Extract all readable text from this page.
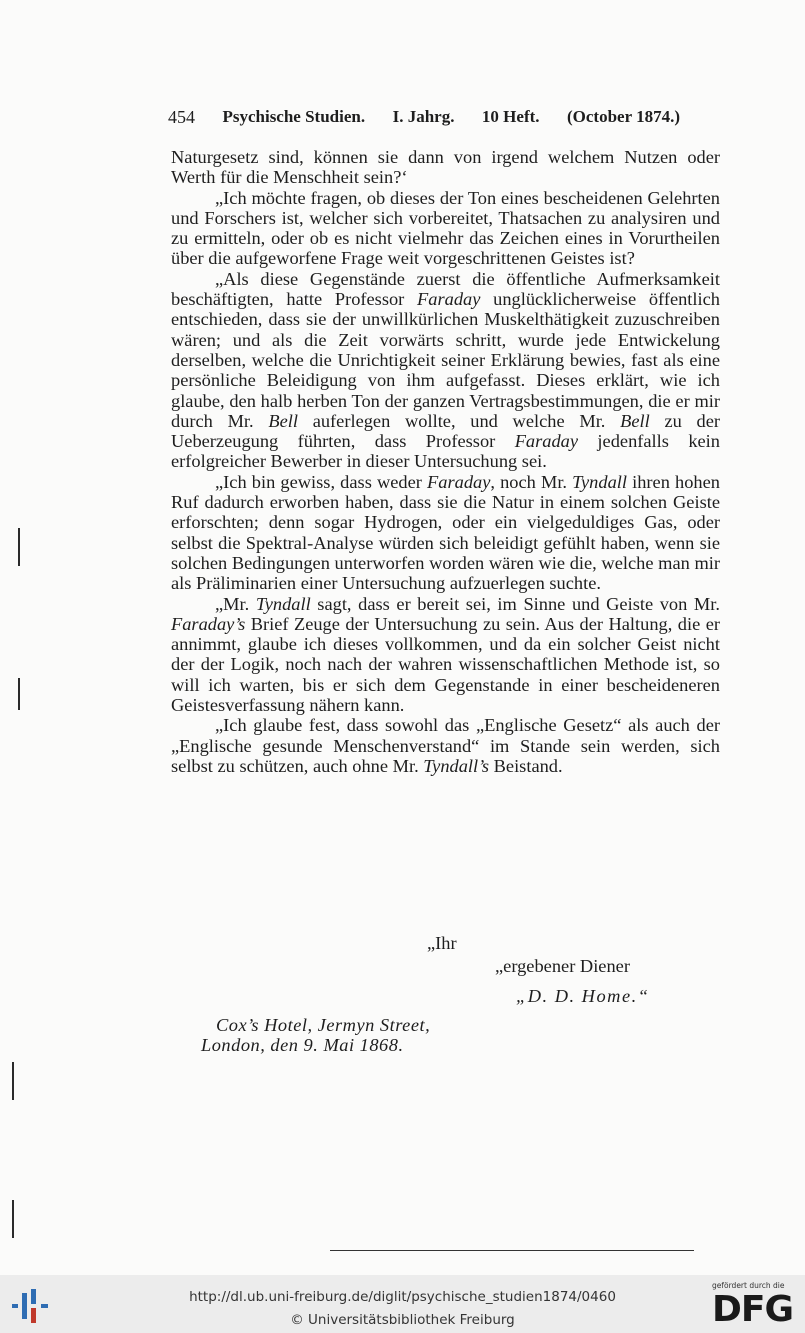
454 Psychische Studien. I. Jahrg. 10 Heft. (October 1874.)

Naturgesetz sind, können sie dann von irgend welchem Nutzen oder Werth für die Menschheit sein?‘

„Ich möchte fragen, ob dieses der Ton eines bescheidenen Gelehrten und Forschers ist, welcher sich vorbereitet, Thatsachen zu analysiren und zu ermitteln, oder ob es nicht vielmehr das Zeichen eines in Vorurtheilen über die aufgeworfene Frage weit vorgeschrittenen Geistes ist?

„Als diese Gegenstände zuerst die öffentliche Aufmerksamkeit beschäftigten, hatte Professor Faraday unglücklicherweise öffentlich entschieden, dass sie der unwillkürlichen Muskelthätigkeit zuzuschreiben wären; und als die Zeit vorwärts schritt, wurde jede Entwickelung derselben, welche die Unrichtigkeit seiner Erklärung bewies, fast als eine persönliche Beleidigung von ihm aufgefasst. Dieses erklärt, wie ich glaube, den halb herben Ton der ganzen Vertragsbestimmungen, die er mir durch Mr. Bell auferlegen wollte, und welche Mr. Bell zu der Ueberzeugung führten, dass Professor Faraday jedenfalls kein erfolgreicher Bewerber in dieser Untersuchung sei.

„Ich bin gewiss, dass weder Faraday, noch Mr. Tyndall ihren hohen Ruf dadurch erworben haben, dass sie die Natur in einem solchen Geiste erforschten; denn sogar Hydrogen, oder ein vielgeduldiges Gas, oder selbst die Spektral-Analyse würden sich beleidigt gefühlt haben, wenn sie solchen Bedingungen unterworfen worden wären wie die, welche man mir als Präliminarien einer Untersuchung aufzuerlegen suchte.

„Mr. Tyndall sagt, dass er bereit sei, im Sinne und Geiste von Mr. Faraday’s Brief Zeuge der Untersuchung zu sein. Aus der Haltung, die er annimmt, glaube ich dieses vollkommen, und da ein solcher Geist nicht der der Logik, noch nach der wahren wissenschaftlichen Methode ist, so will ich warten, bis er sich dem Gegenstande in einer bescheideneren Geistesverfassung nähern kann.

„Ich glaube fest, dass sowohl das „Englische Gesetz“ als auch der „Englische gesunde Menschenverstand“ im Stande sein werden, sich selbst zu schützen, auch ohne Mr. Tyndall’s Beistand.

„Ihr
„ergebener Diener
„D. D. Home.“
Cox’s Hotel, Jermyn Street,
London, den 9. Mai 1868.
http://dl.ub.uni-freiburg.de/diglit/psychische_studien1874/0460
© Universitätsbibliothek Freiburg
gefördert durch die
DFG
